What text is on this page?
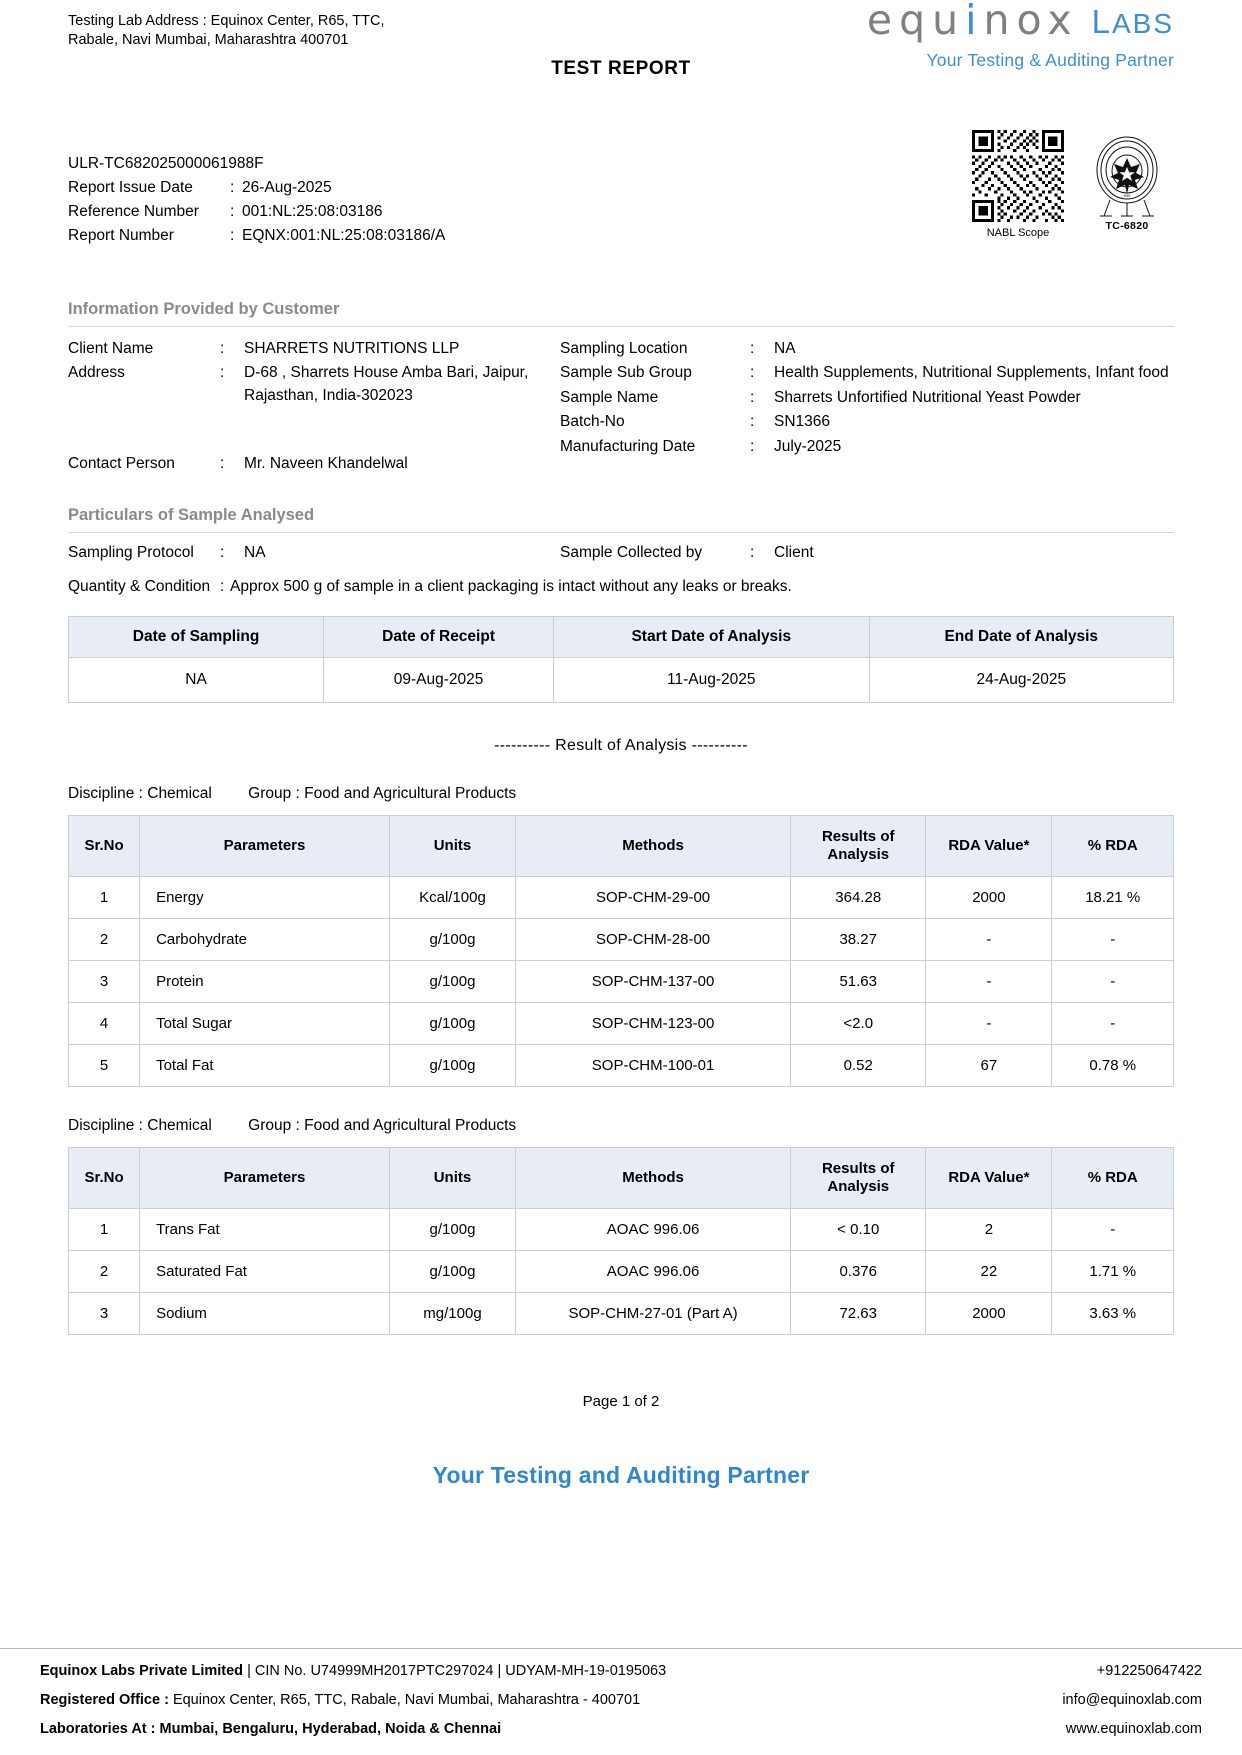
Testing Lab Address : Equinox Center, R65, TTC, Rabale, Navi Mumbai, Maharashtra 400701	equinox LABS
Your Testing & Auditing Partner
TEST REPORT
ULR-TC682025000061988F
Report Issue Date	: 26-Aug-2025
Reference Number	: 001:NL:25:08:03186
Report Number	: EQNX:001:NL:25:08:03186/A	NABL Scope
भारत
TC-6820
Information Provided by Customer
Client Name	:	SHARRETS NUTRITIONS LLP
Address	:	D-68 , Sharrets House Amba Bari, Jaipur, Rajasthan, India-302023
Contact Person	:	Mr. Naveen Khandelwal
Sampling Location	:	NA
Sample Sub Group	:	Health Supplements, Nutritional Supplements, Infant food
Sample Name	:	Sharrets Unfortified Nutritional Yeast Powder
Batch-No	:	SN1366
Manufacturing Date	:	July-2025
Particulars of Sample Analysed
Sampling Protocol	:	NA	Sample Collected by	:	Client
Quantity & Condition : Approx 500 g of sample in a client packaging is intact without any leaks or breaks.
Date of Sampling	Date of Receipt	Start Date of Analysis	End Date of Analysis
NA	09-Aug-2025	11-Aug-2025	24-Aug-2025
---------- Result of Analysis ----------
Discipline : Chemical Group : Food and Agricultural Products
Sr.No	Parameters	Units	Methods	Results of Analysis	RDA Value*	% RDA
1	Energy	Kcal/100g	SOP-CHM-29-00	364.28	2000	18.21 %
2	Carbohydrate	g/100g	SOP-CHM-28-00	38.27	-	-
3	Protein	g/100g	SOP-CHM-137-00	51.63	-	-
4	Total Sugar	g/100g	SOP-CHM-123-00	<2.0	-	-
5	Total Fat	g/100g	SOP-CHM-100-01	0.52	67	0.78 %
Discipline : Chemical Group : Food and Agricultural Products
Sr.No	Parameters	Units	Methods	Results of Analysis	RDA Value*	% RDA
1	Trans Fat	g/100g	AOAC 996.06	< 0.10	2	-
2	Saturated Fat	g/100g	AOAC 996.06	0.376	22	1.71 %
3	Sodium	mg/100g	SOP-CHM-27-01 (Part A)	72.63	2000	3.63 %
Page 1 of 2
Your Testing and Auditing Partner
Equinox Labs Private Limited | CIN No. U74999MH2017PTC297024 | UDYAM-MH-19-0195063	+912250647422
Registered Office : Equinox Center, R65, TTC, Rabale, Navi Mumbai, Maharashtra - 400701	info@equinoxlab.com
Laboratories At : Mumbai, Bengaluru, Hyderabad, Noida & Chennai	www.equinoxlab.com
